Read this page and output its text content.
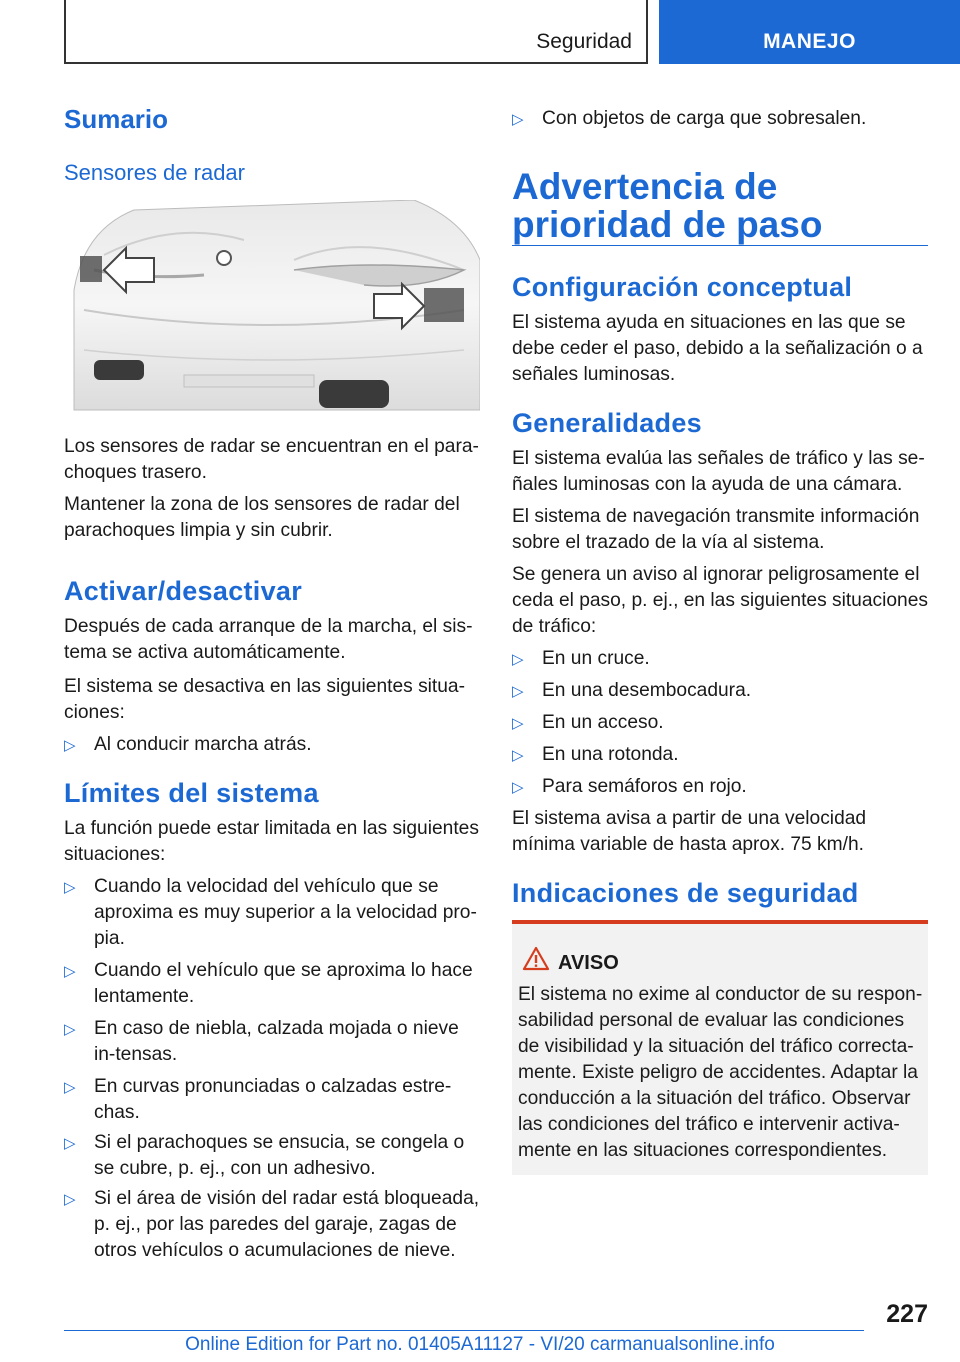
Seguridad	MANEJO
Sumario
Sensores de radar

Los sensores de radar se encuentran en el para-choques trasero.

Mantener la zona de los sensores de radar del parachoques limpia y sin cubrir.

Activar/desactivar

Después de cada arranque de la marcha, el sis-tema se activa automáticamente.

El sistema se desactiva en las siguientes situa-ciones:

▷ Al conducir marcha atrás.
Límites del sistema

La función puede estar limitada en las siguientes situaciones:

▷ Cuando la velocidad del vehículo que se aproxima es muy superior a la velocidad pro-pia.
▷ Cuando el vehículo que se aproxima lo hace lentamente.
▷ En caso de niebla, calzada mojada o nieve in-tensas.
▷ En curvas pronunciadas o calzadas estre-chas.
▷ Si el parachoques se ensucia, se congela o se cubre, p. ej., con un adhesivo.
▷ Si el área de visión del radar está bloqueada, p. ej., por las paredes del garaje, zagas de otros vehículos o acumulaciones de nieve.
▷ Con objetos de carga que sobresalen.
Advertencia de prioridad de paso
Configuración conceptual

El sistema ayuda en situaciones en las que se debe ceder el paso, debido a la señalización o a señales luminosas.

Generalidades

El sistema evalúa las señales de tráfico y las se-ñales luminosas con la ayuda de una cámara.

El sistema de navegación transmite información sobre el trazado de la vía al sistema.

Se genera un aviso al ignorar peligrosamente el ceda el paso, p. ej., en las siguientes situaciones de tráfico:

▷ En un cruce.
▷ En una desembocadura.
▷ En un acceso.
▷ En una rotonda.
▷ Para semáforos en rojo.

El sistema avisa a partir de una velocidad mínima variable de hasta aprox. 75 km/h.

Indicaciones de seguridad
AVISO
El sistema no exime al conductor de su respon-sabilidad personal de evaluar las condiciones de visibilidad y la situación del tráfico correcta-mente. Existe peligro de accidentes. Adaptar la conducción a la situación del tráfico. Observar las condiciones del tráfico e intervenir activa-mente en las situaciones correspondientes.
227
Online Edition for Part no. 01405A11127 - VI/20 carmanualsonline.info
